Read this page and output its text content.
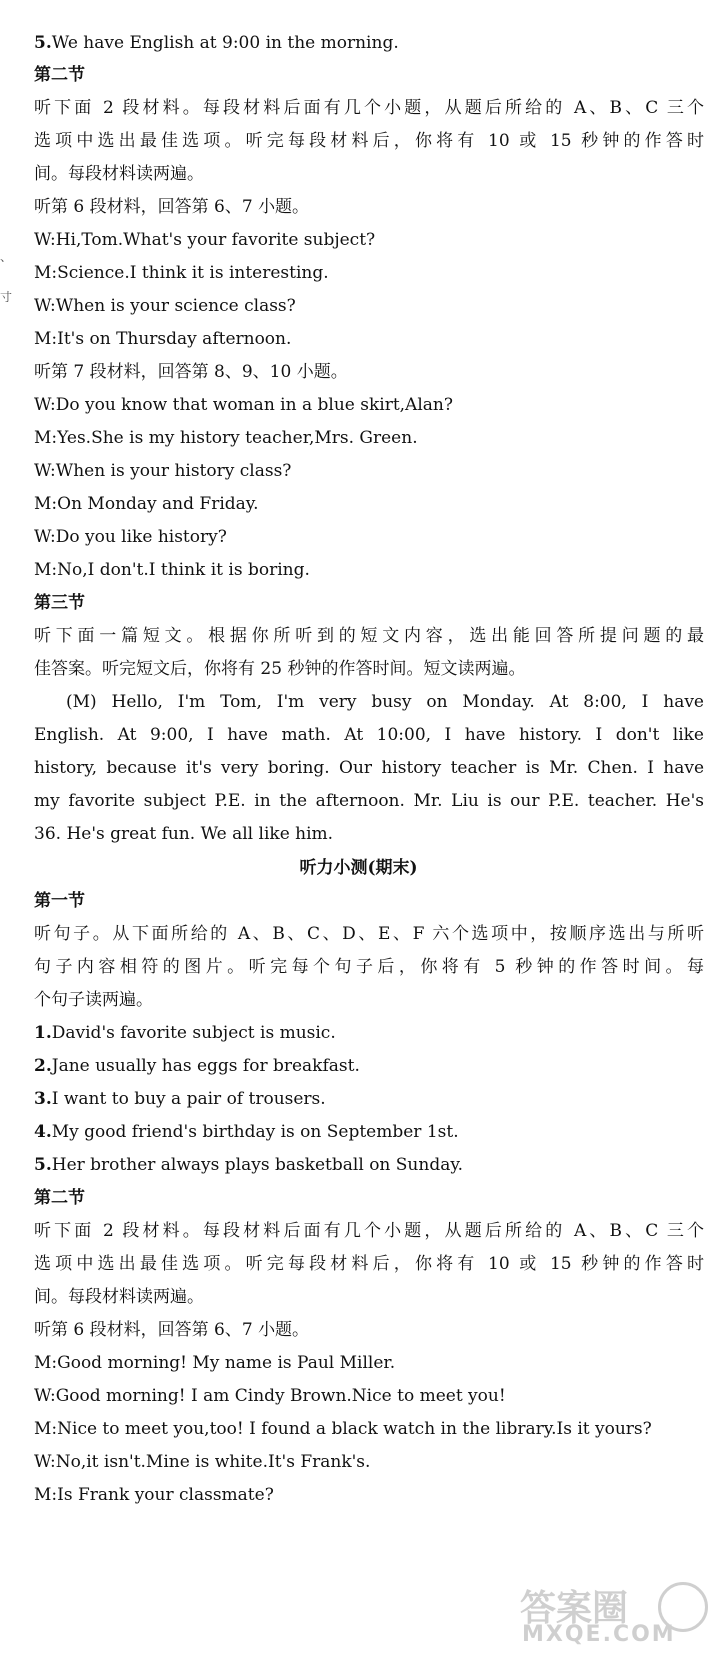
、
寸
5.We have English at 9:00 in the morning.
第二节
听下面 2 段材料。每段材料后面有几个小题，从题后所给的 A、B、C 三个
选项中选出最佳选项。听完每段材料后，你将有 10 或 15 秒钟的作答时
间。每段材料读两遍。
听第 6 段材料，回答第 6、7 小题。
W:Hi,Tom.What's your favorite subject?
M:Science.I think it is interesting.
W:When is your science class?
M:It's on Thursday afternoon.
听第 7 段材料，回答第 8、9、10 小题。
W:Do you know that woman in a blue skirt,Alan?
M:Yes.She is my history teacher,Mrs. Green.
W:When is your history class?
M:On Monday and Friday.
W:Do you like history?
M:No,I don't.I think it is boring.
第三节
听下面一篇短文。根据你所听到的短文内容，选出能回答所提问题的最
佳答案。听完短文后，你将有 25 秒钟的作答时间。短文读两遍。
(M) Hello, I'm Tom, I'm very busy on Monday. At 8:00, I have
English. At 9:00, I have math. At 10:00, I have history. I don't like
history, because it's very boring. Our history teacher is Mr. Chen. I have
my favorite subject P.E. in the afternoon. Mr. Liu is our P.E. teacher. He's
36. He's great fun. We all like him.
听力小测(期末)
第一节
听句子。从下面所给的 A、B、C、D、E、F 六个选项中，按顺序选出与所听
句子内容相符的图片。听完每个句子后，你将有 5 秒钟的作答时间。每
个句子读两遍。
1.David's favorite subject is music.
2.Jane usually has eggs for breakfast.
3.I want to buy a pair of trousers.
4.My good friend's birthday is on September 1st.
5.Her brother always plays basketball on Sunday.
第二节
听下面 2 段材料。每段材料后面有几个小题，从题后所给的 A、B、C 三个
选项中选出最佳选项。听完每段材料后，你将有 10 或 15 秒钟的作答时
间。每段材料读两遍。
听第 6 段材料，回答第 6、7 小题。
M:Good morning! My name is Paul Miller.
W:Good morning! I am Cindy Brown.Nice to meet you!
M:Nice to meet you,too! I found a black watch in the library.Is it yours?
W:No,it isn't.Mine is white.It's Frank's.
M:Is Frank your classmate?
答案圈
MXQE.COM
